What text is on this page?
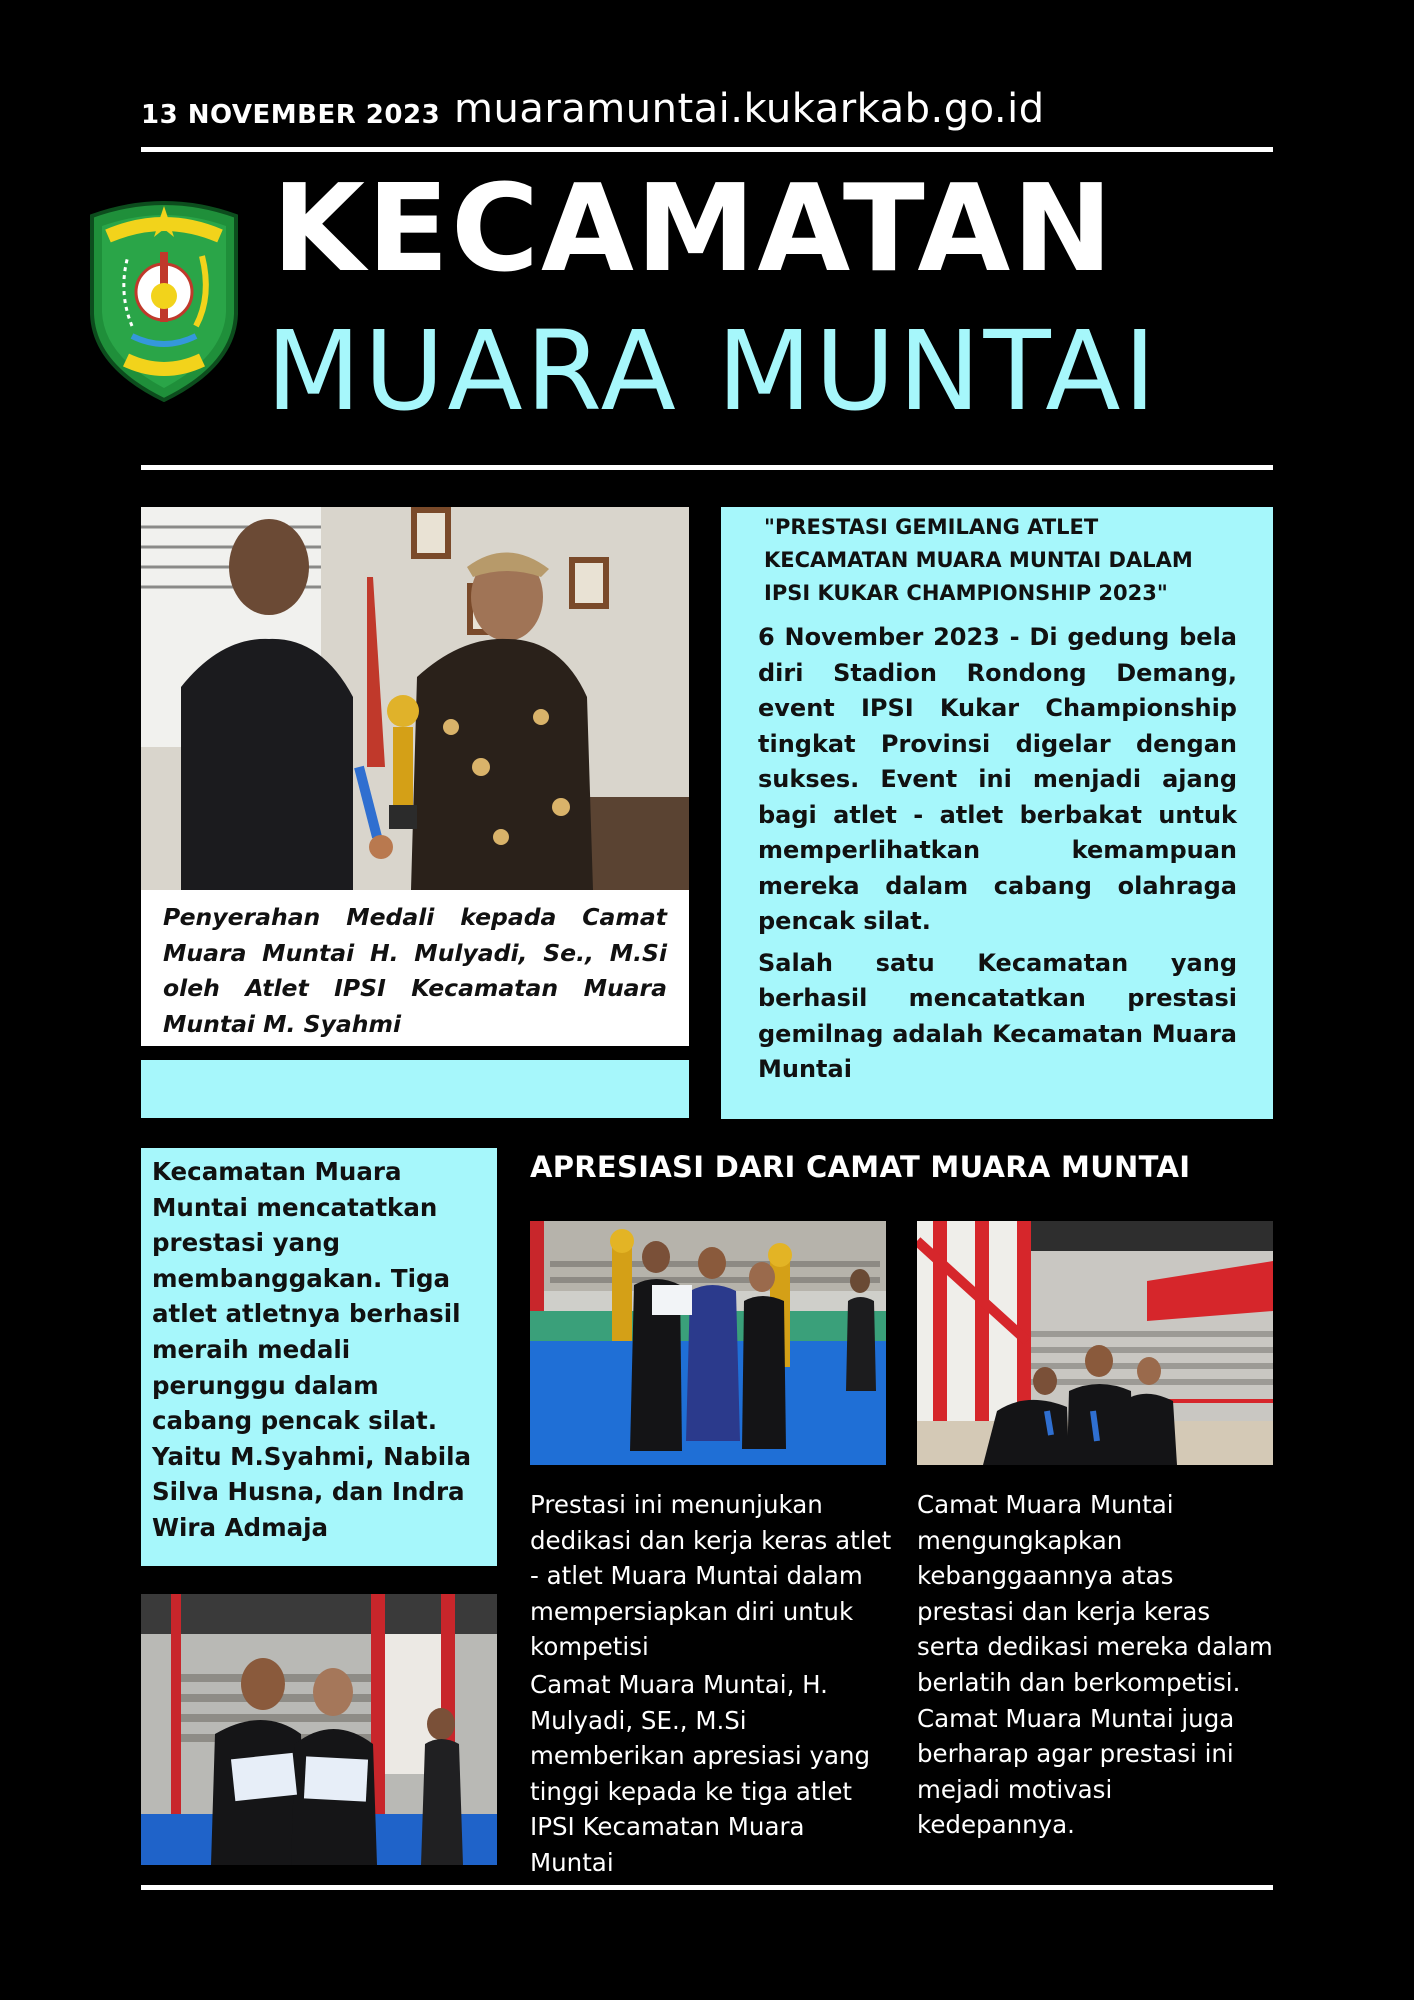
13 NOVEMBER 2023 muaramuntai.kukarkab.go.id
KECAMATAN
MUARA MUNTAI
Penyerahan Medali kepada Camat Muara Muntai H. Mulyadi, Se., M.Si oleh Atlet IPSI Kecamatan Muara Muntai M. Syahmi
"PRESTASI GEMILANG ATLET KECAMATAN MUARA MUNTAI DALAM IPSI KUKAR CHAMPIONSHIP 2023"
6 November 2023 - Di gedung bela diri Stadion Rondong Demang, event IPSI Kukar Championship tingkat Provinsi digelar dengan sukses. Event ini menjadi ajang bagi atlet - atlet berbakat untuk memperlihatkan kemampuan mereka dalam cabang olahraga pencak silat.
Salah satu Kecamatan yang berhasil mencatatkan prestasi gemilnag adalah Kecamatan Muara Muntai
Kecamatan Muara Muntai mencatatkan prestasi yang membanggakan. Tiga atlet atletnya berhasil meraih medali perunggu dalam cabang pencak silat. Yaitu M.Syahmi, Nabila Silva Husna, dan Indra Wira Admaja
APRESIASI DARI CAMAT MUARA MUNTAI
Prestasi ini menunjukan dedikasi dan kerja keras atlet - atlet Muara Muntai dalam mempersiapkan diri untuk kompetisi
Camat Muara Muntai, H. Mulyadi, SE., M.Si memberikan apresiasi yang tinggi kepada ke tiga atlet IPSI Kecamatan Muara Muntai
Camat Muara Muntai mengungkapkan kebanggaannya atas prestasi dan kerja keras serta dedikasi mereka dalam berlatih dan berkompetisi. Camat Muara Muntai juga berharap agar prestasi ini mejadi motivasi kedepannya.
